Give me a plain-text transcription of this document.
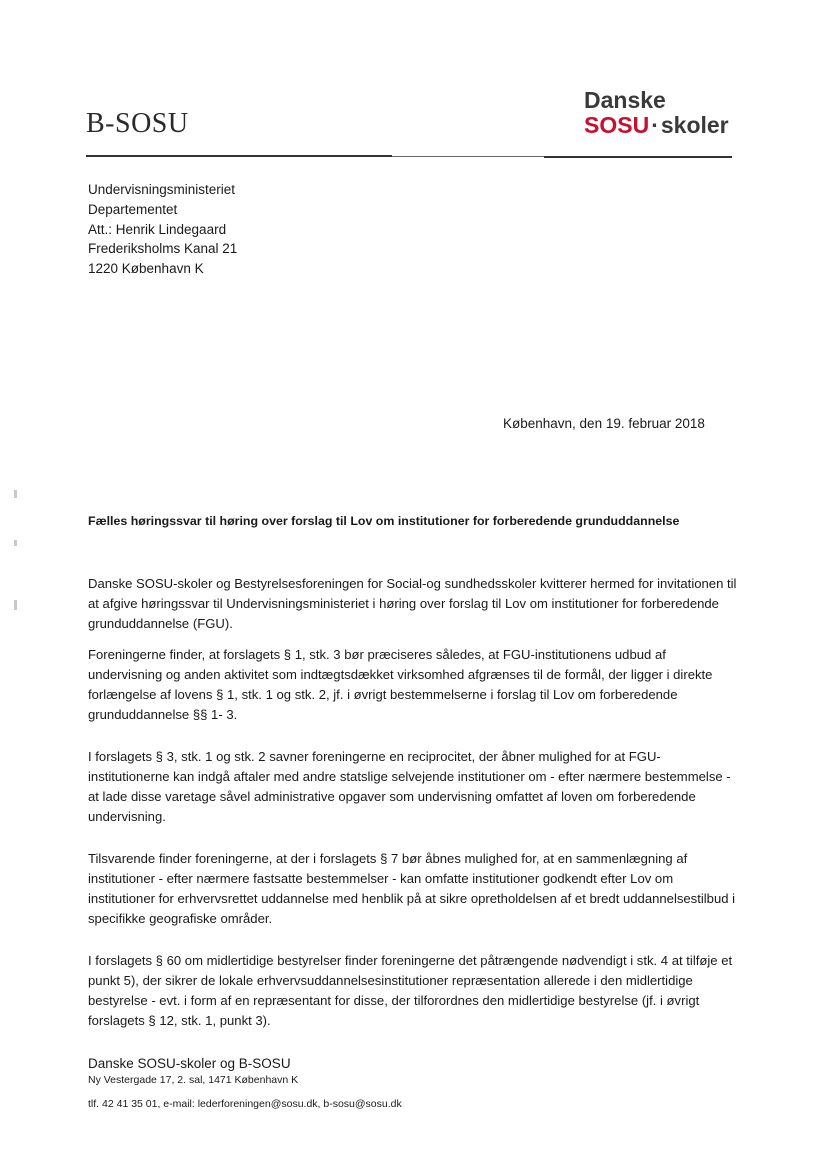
B-SOSU
Danske
SOSU·skoler
Undervisningsministeriet
Departementet
Att.: Henrik Lindegaard
Frederiksholms Kanal 21
1220 København K
København, den 19. februar 2018
Fælles høringssvar til høring over forslag til Lov om institutioner for forberedende grunduddannelse

Danske SOSU-skoler og Bestyrelsesforeningen for Social-og sundhedsskoler kvitterer hermed for invitationen til at afgive høringssvar til Undervisningsministeriet i høring over forslag til Lov om institutioner for forberedende grunduddannelse (FGU).

Foreningerne finder, at forslagets § 1, stk. 3 bør præciseres således, at FGU-institutionens udbud af undervisning og anden aktivitet som indtægtsdækket virksomhed afgrænses til de formål, der ligger i direkte forlængelse af lovens § 1, stk. 1 og stk. 2, jf. i øvrigt bestemmelserne i forslag til Lov om forberedende grunduddannelse §§ 1- 3.

I forslagets § 3, stk. 1 og stk. 2 savner foreningerne en reciprocitet, der åbner mulighed for at FGU-institutionerne kan indgå aftaler med andre statslige selvejende institutioner om - efter nærmere bestemmelse - at lade disse varetage såvel administrative opgaver som undervisning omfattet af loven om forberedende undervisning.

Tilsvarende finder foreningerne, at der i forslagets § 7 bør åbnes mulighed for, at en sammenlægning af institutioner - efter nærmere fastsatte bestemmelser - kan omfatte institutioner godkendt efter Lov om institutioner for erhvervsrettet uddannelse med henblik på at sikre opretholdelsen af et bredt uddannelsestilbud i specifikke geografiske områder.

I forslagets § 60 om midlertidige bestyrelser finder foreningerne det påtrængende nødvendigt i stk. 4 at tilføje et punkt 5), der sikrer de lokale erhvervsuddannelsesinstitutioner repræsentation allerede i den midlertidige bestyrelse - evt. i form af en repræsentant for disse, der tilforordnes den midlertidige bestyrelse (jf. i øvrigt forslagets § 12, stk. 1, punkt 3).

Danske SOSU-skoler og B-SOSU
Ny Vestergade 17, 2. sal, 1471 København K
tlf. 42 41 35 01, e-mail: lederforeningen@sosu.dk, b-sosu@sosu.dk
